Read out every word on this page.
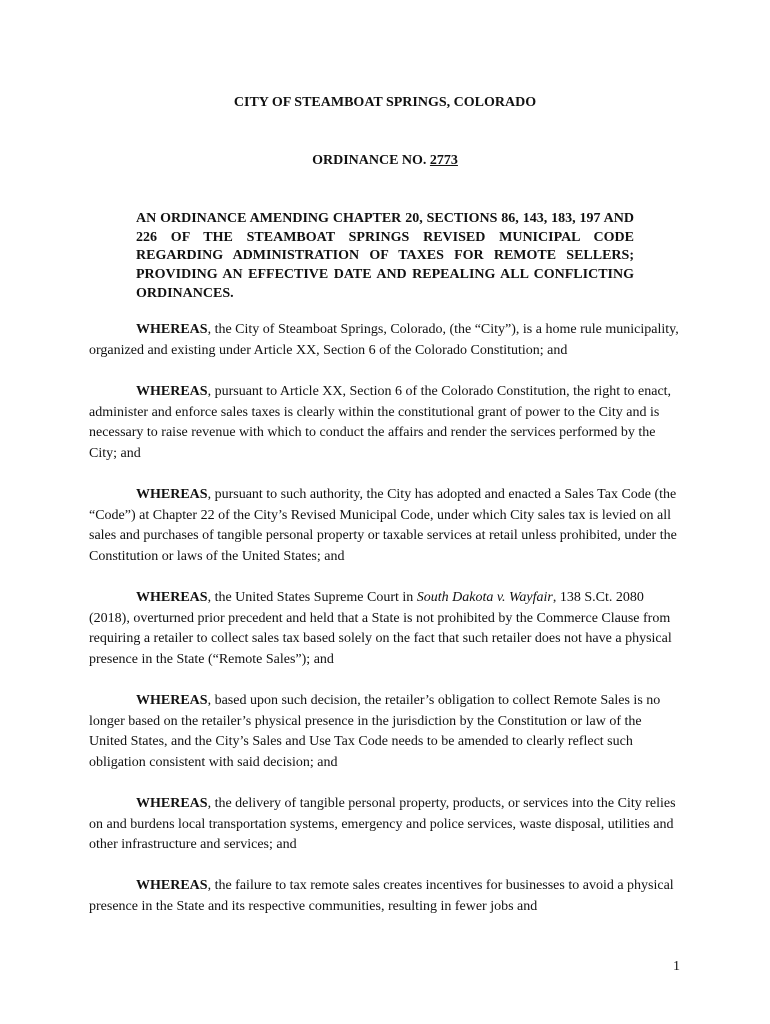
CITY OF STEAMBOAT SPRINGS, COLORADO

ORDINANCE NO. 2773

AN ORDINANCE AMENDING CHAPTER 20, SECTIONS 86, 143, 183, 197 AND 226 OF THE STEAMBOAT SPRINGS REVISED MUNICIPAL CODE REGARDING ADMINISTRATION OF TAXES FOR REMOTE SELLERS; PROVIDING AN EFFECTIVE DATE AND REPEALING ALL CONFLICTING ORDINANCES.

WHEREAS, the City of Steamboat Springs, Colorado, (the “City”), is a home rule municipality, organized and existing under Article XX, Section 6 of the Colorado Constitution; and

WHEREAS, pursuant to Article XX, Section 6 of the Colorado Constitution, the right to enact, administer and enforce sales taxes is clearly within the constitutional grant of power to the City and is necessary to raise revenue with which to conduct the affairs and render the services performed by the City; and

WHEREAS, pursuant to such authority, the City has adopted and enacted a Sales Tax Code (the “Code”) at Chapter 22 of the City’s Revised Municipal Code, under which City sales tax is levied on all sales and purchases of tangible personal property or taxable services at retail unless prohibited, under the Constitution or laws of the United States; and

WHEREAS, the United States Supreme Court in South Dakota v. Wayfair, 138 S.Ct. 2080 (2018), overturned prior precedent and held that a State is not prohibited by the Commerce Clause from requiring a retailer to collect sales tax based solely on the fact that such retailer does not have a physical presence in the State (“Remote Sales”); and

WHEREAS, based upon such decision, the retailer’s obligation to collect Remote Sales is no longer based on the retailer’s physical presence in the jurisdiction by the Constitution or law of the United States, and the City’s Sales and Use Tax Code needs to be amended to clearly reflect such obligation consistent with said decision; and

WHEREAS, the delivery of tangible personal property, products, or services into the City relies on and burdens local transportation systems, emergency and police services, waste disposal, utilities and other infrastructure and services; and

WHEREAS, the failure to tax remote sales creates incentives for businesses to avoid a physical presence in the State and its respective communities, resulting in fewer jobs and

1
